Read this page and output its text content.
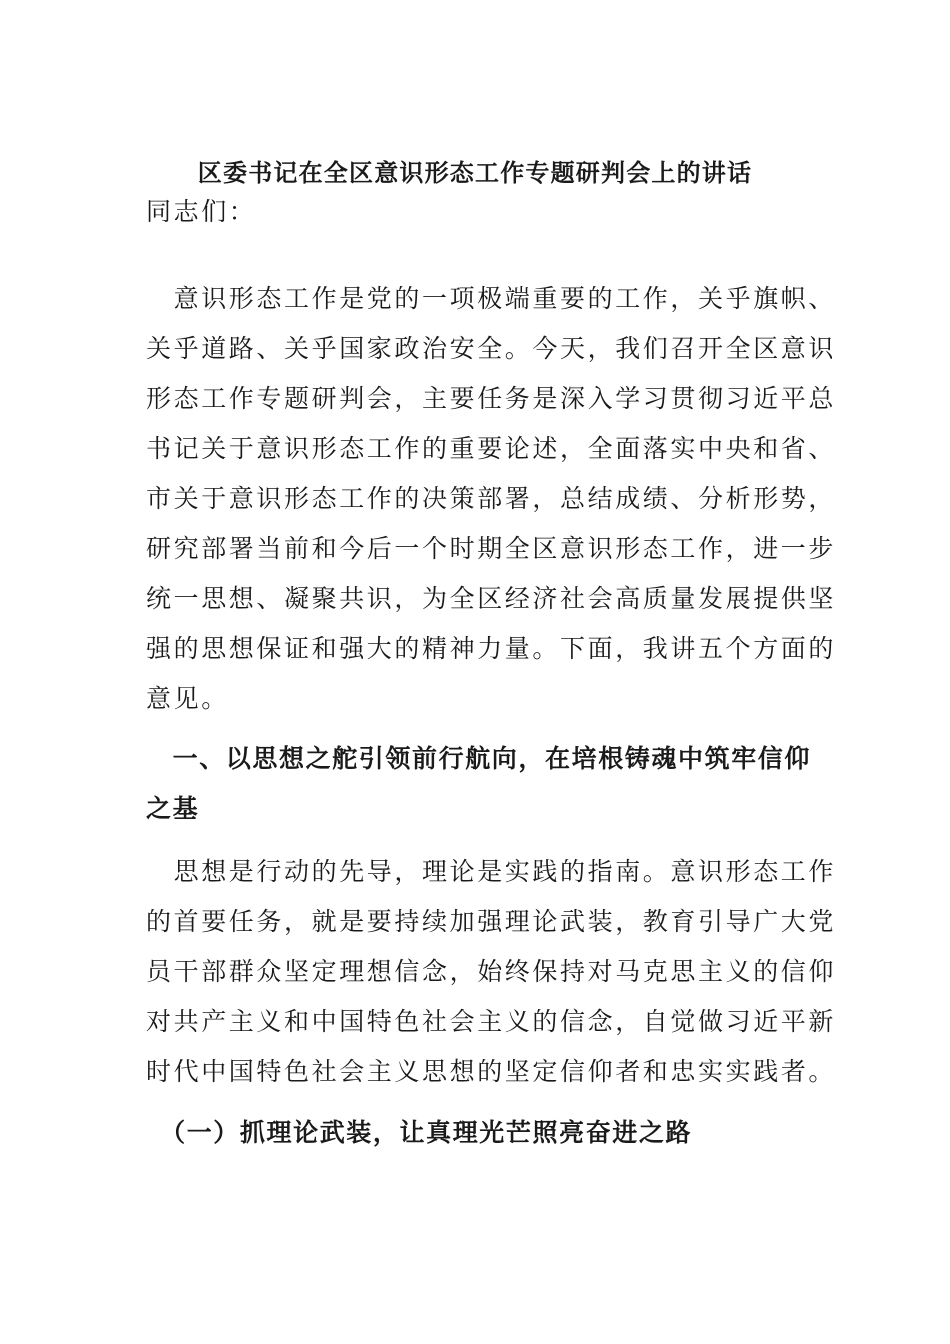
区委书记在全区意识形态工作专题研判会上的讲话
同志们：
　意识形态工作是党的一项极端重要的工作，关乎旗帜、
关乎道路、关乎国家政治安全。今天，我们召开全区意识
形态工作专题研判会，主要任务是深入学习贯彻习近平总
书记关于意识形态工作的重要论述，全面落实中央和省、
市关于意识形态工作的决策部署，总结成绩、分析形势，
研究部署当前和今后一个时期全区意识形态工作，进一步
统一思想、凝聚共识，为全区经济社会高质量发展提供坚
强的思想保证和强大的精神力量。下面，我讲五个方面的
意见。
　一、以思想之舵引领前行航向，在培根铸魂中筑牢信仰
之基
　思想是行动的先导，理论是实践的指南。意识形态工作
的首要任务，就是要持续加强理论武装，教育引导广大党
员干部群众坚定理想信念，始终保持对马克思主义的信仰
对共产主义和中国特色社会主义的信念，自觉做习近平新
时代中国特色社会主义思想的坚定信仰者和忠实实践者。
　（一）抓理论武装，让真理光芒照亮奋进之路
